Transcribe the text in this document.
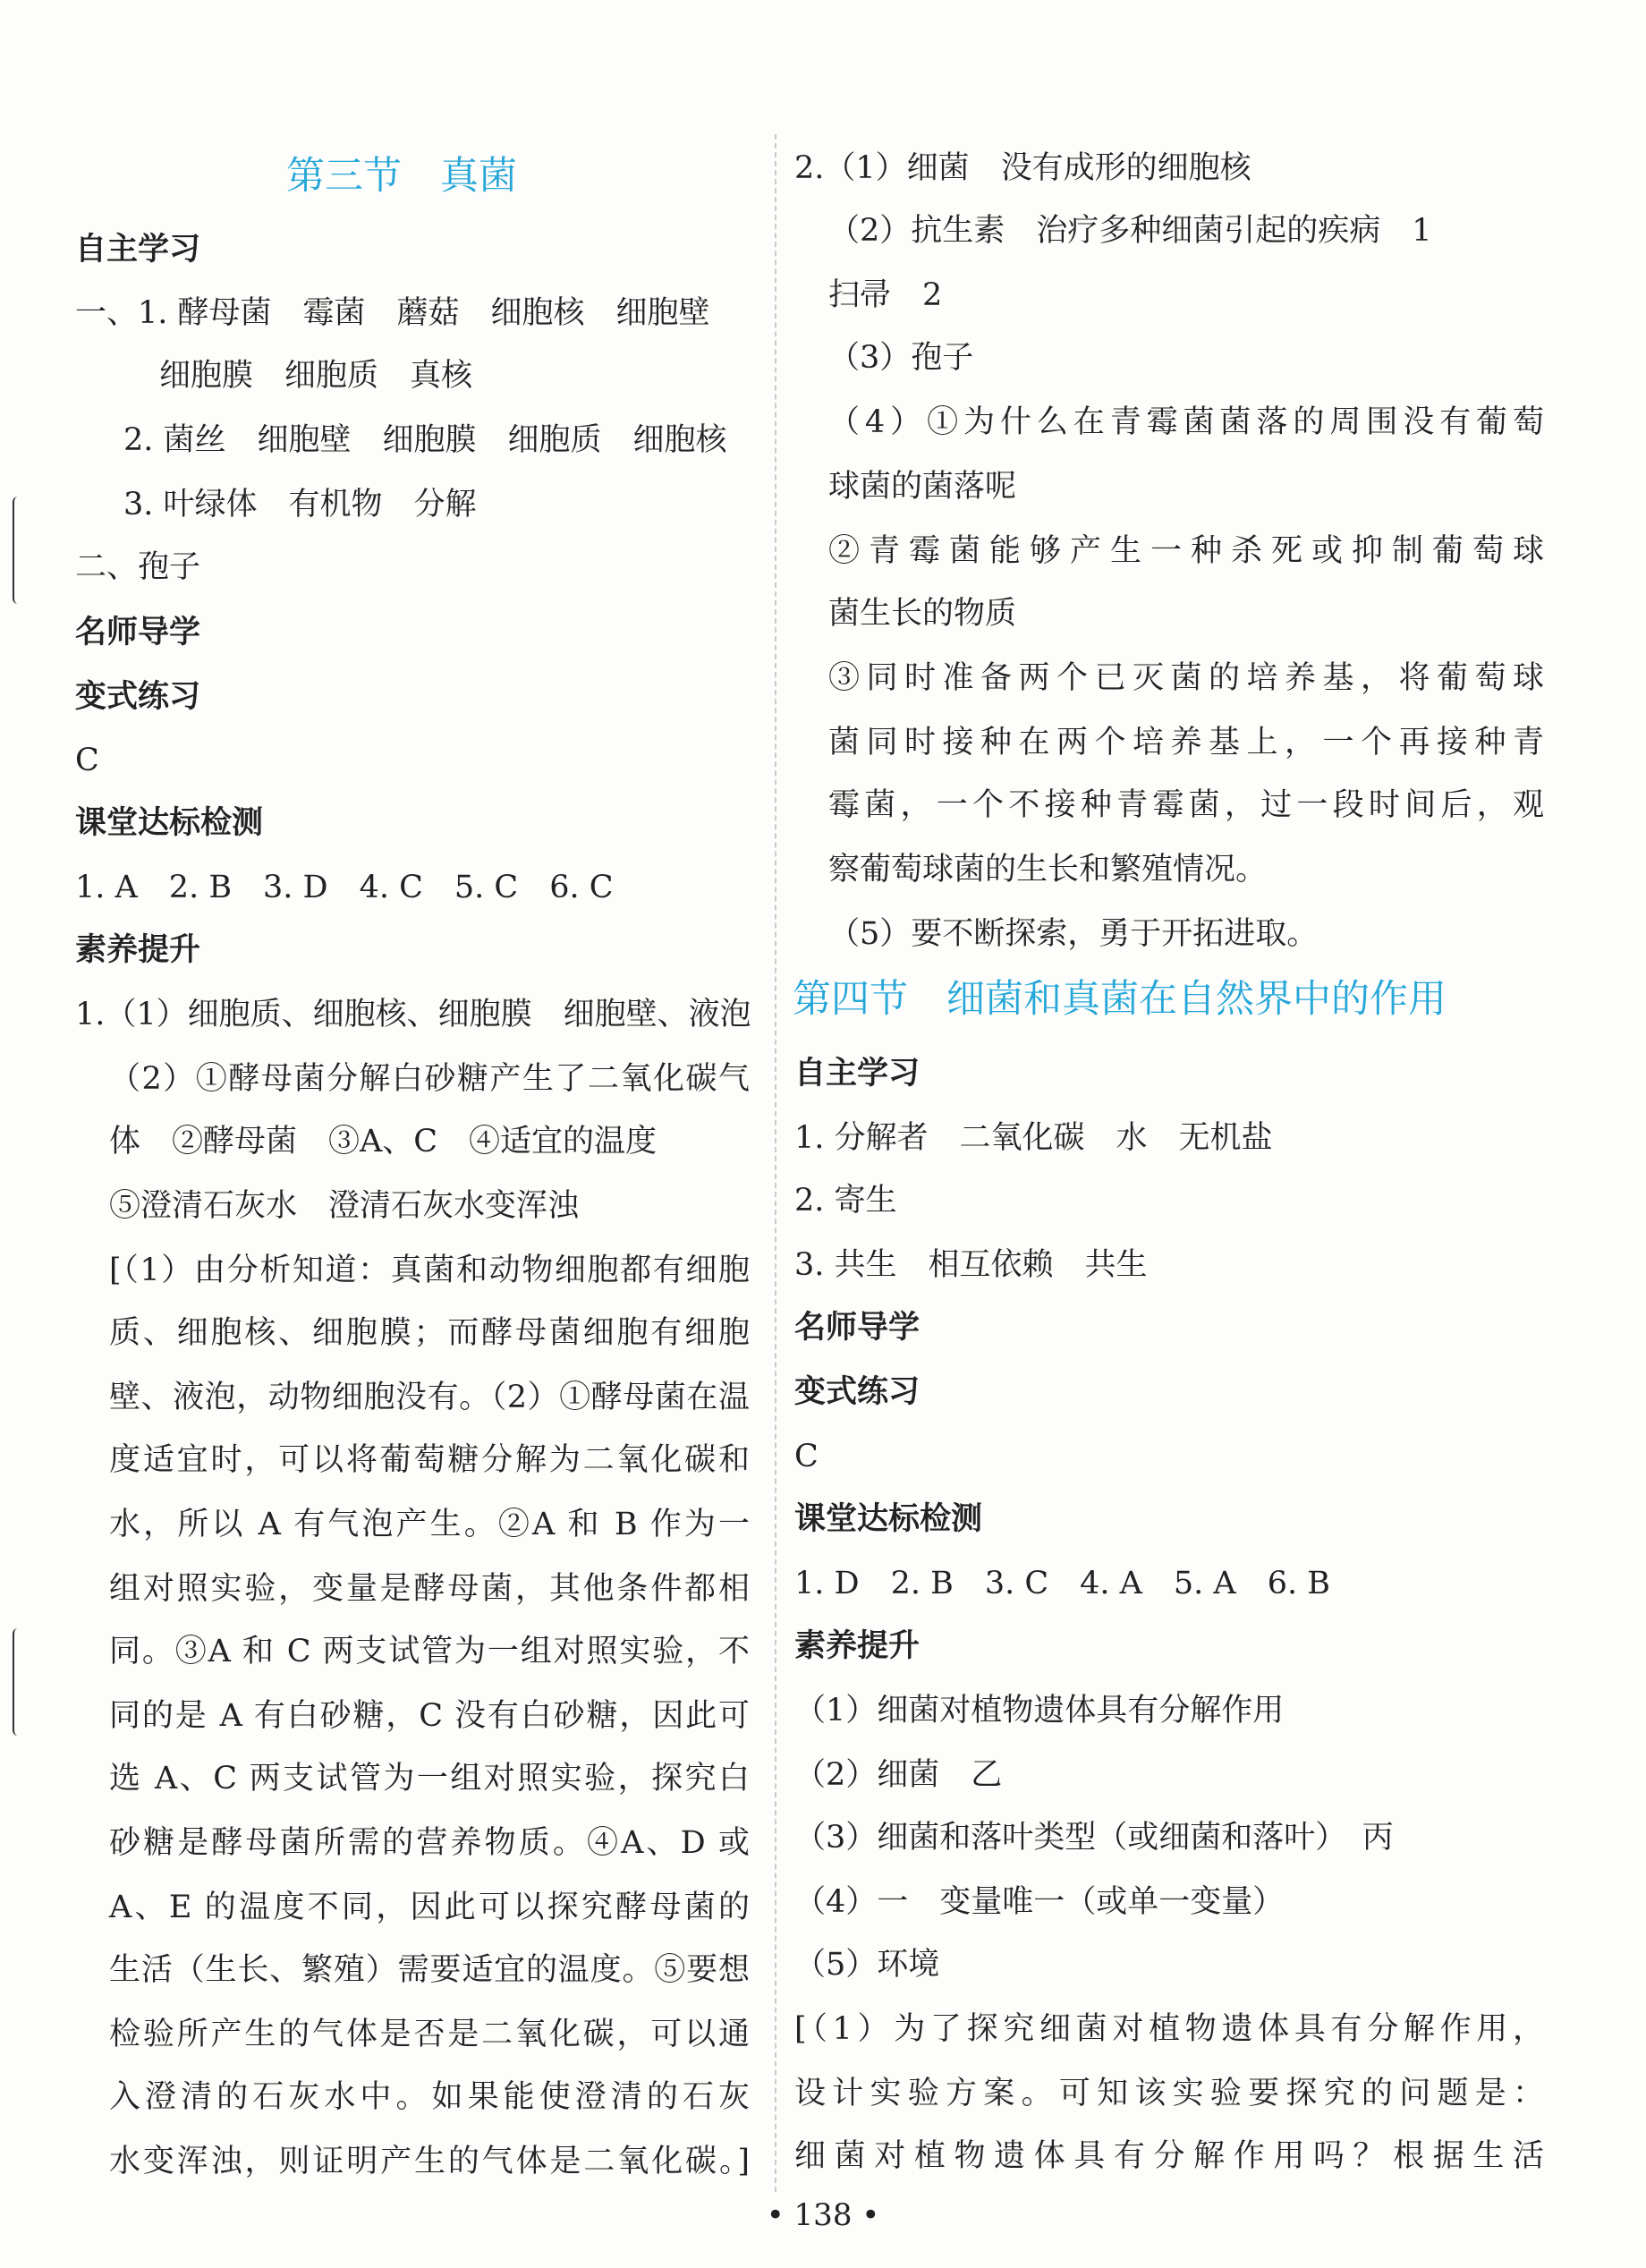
第三节　真菌
自主学习
一、1. 酵母菌　霉菌　蘑菇　细胞核　细胞壁
细胞膜　细胞质　真核
2. 菌丝　细胞壁　细胞膜　细胞质　细胞核
3. 叶绿体　有机物　分解
二、孢子
名师导学
变式练习
C
课堂达标检测
1. A　2. B　3. D　4. C　5. C　6. C
素养提升
1.（1）细胞质、细胞核、细胞膜　细胞壁、液泡
（2）①酵母菌分解白砂糖产生了二氧化碳气
体　②酵母菌　③A、C　④适宜的温度
⑤澄清石灰水　澄清石灰水变浑浊
[（1）由分析知道：真菌和动物细胞都有细胞
质、细胞核、细胞膜；而酵母菌细胞有细胞
壁、液泡，动物细胞没有。（2）①酵母菌在温
度适宜时，可以将葡萄糖分解为二氧化碳和
水，所以 A 有气泡产生。②A 和 B 作为一
组对照实验，变量是酵母菌，其他条件都相
同。③A 和 C 两支试管为一组对照实验，不
同的是 A 有白砂糖，C 没有白砂糖，因此可
选 A、C 两支试管为一组对照实验，探究白
砂糖是酵母菌所需的营养物质。④A、D 或
A、E 的温度不同，因此可以探究酵母菌的
生活（生长、繁殖）需要适宜的温度。⑤要想
检验所产生的气体是否是二氧化碳，可以通
入澄清的石灰水中。如果能使澄清的石灰
水变浑浊，则证明产生的气体是二氧化碳。]
2.（1）细菌　没有成形的细胞核
（2）抗生素　治疗多种细菌引起的疾病　1
扫帚　2
（3）孢子
（4）①为什么在青霉菌菌落的周围没有葡萄
球菌的菌落呢
②青霉菌能够产生一种杀死或抑制葡萄球
菌生长的物质
③同时准备两个已灭菌的培养基，将葡萄球
菌同时接种在两个培养基上，一个再接种青
霉菌，一个不接种青霉菌，过一段时间后，观
察葡萄球菌的生长和繁殖情况。
（5）要不断探索，勇于开拓进取。
第四节　细菌和真菌在自然界中的作用
自主学习
1. 分解者　二氧化碳　水　无机盐
2. 寄生
3. 共生　相互依赖　共生
名师导学
变式练习
C
课堂达标检测
1. D　2. B　3. C　4. A　5. A　6. B
素养提升
（1）细菌对植物遗体具有分解作用
（2）细菌　乙
（3）细菌和落叶类型（或细菌和落叶）　丙
（4）一　变量唯一（或单一变量）
（5）环境
[（1）为了探究细菌对植物遗体具有分解作用，
设计实验方案。可知该实验要探究的问题是：
细菌对植物遗体具有分解作用吗？根据生活
• 138 •
